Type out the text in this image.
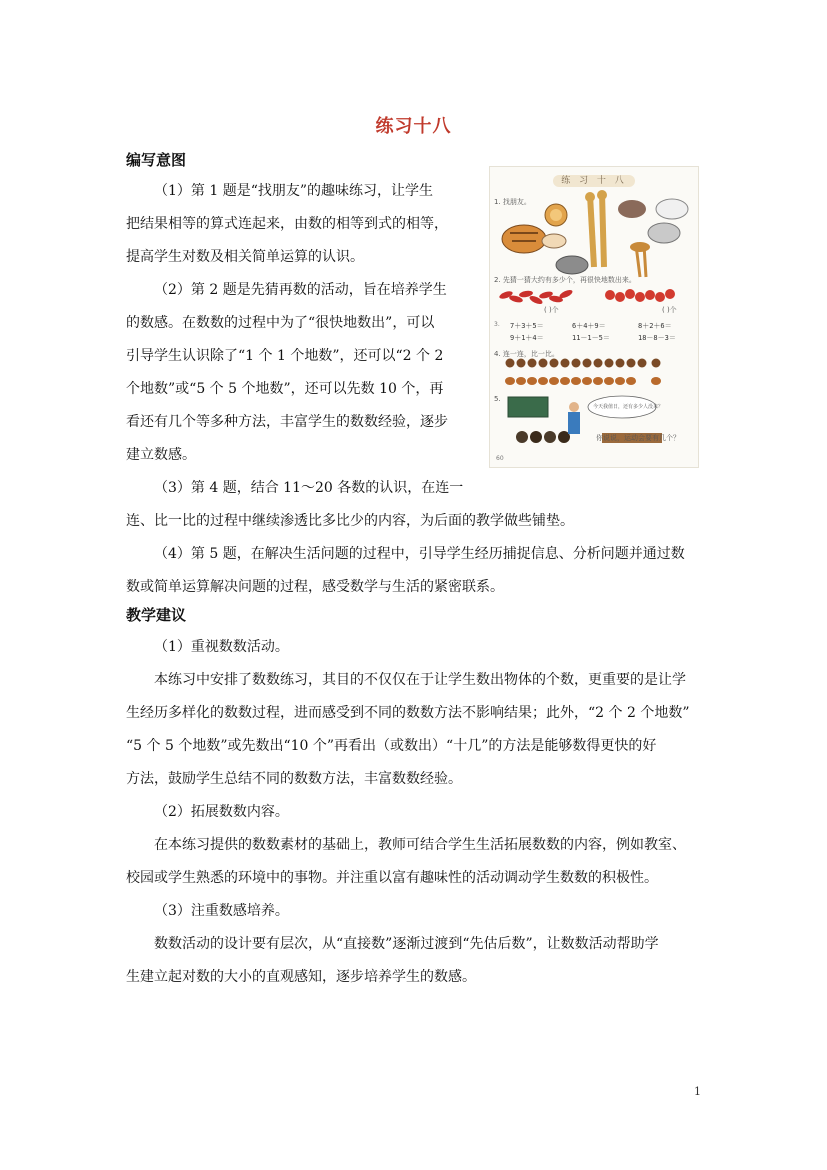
练习十八
编写意图
（1）第 1 题是“找朋友”的趣味练习，让学生
把结果相等的算式连起来，由数的相等到式的相等，
提高学生对数及相关简单运算的认识。
（2）第 2 题是先猜再数的活动，旨在培养学生
的数感。在数数的过程中为了“很快地数出”，可以
引导学生认识除了“1 个 1 个地数”，还可以“2 个 2
个地数”或“5 个 5 个地数”，还可以先数 10 个，再
看还有几个等多种方法，丰富学生的数数经验，逐步
建立数感。
（3）第 4 题，结合 11～20 各数的认识，在连一
连、比一比的过程中继续渗透比多比少的内容，为后面的教学做些铺垫。
（4）第 5 题，在解决生活问题的过程中，引导学生经历捕捉信息、分析问题并通过数
数或简单运算解决问题的过程，感受数学与生活的紧密联系。
教学建议
（1）重视数数活动。
本练习中安排了数数练习，其目的不仅仅在于让学生数出物体的个数，更重要的是让学
生经历多样化的数数过程，进而感受到不同的数数方法不影响结果；此外，“2 个 2 个地数”
“5 个 5 个地数”或先数出“10 个”再看出（或数出）“十几”的方法是能够数得更快的好
方法，鼓励学生总结不同的数数方法，丰富数数经验。
（2）拓展数数内容。
在本练习提供的数数素材的基础上，教师可结合学生生活拓展数数的内容，例如教室、
校园或学生熟悉的环境中的事物。并注重以富有趣味性的活动调动学生数数的积极性。
（3）注重数感培养。
数数活动的设计要有层次，从“直接数”逐渐过渡到“先估后数”，让数数活动帮助学
生建立起对数的大小的直观感知，逐步培养学生的数感。
练 习 十 八
1. 找朋友。
2. 先猜一猜大约有多少个，再很快地数出来。
( )个	( )个
3. 7＋3＋5＝	6＋4＋9＝	8＋2＋6＝
9＋1＋4＝	11－1－5＝	18－8－3＝
4. 连一连，比一比。
5.
今天我值日，还有多少人没来？
你说说，运动会要有几个？
60
1
